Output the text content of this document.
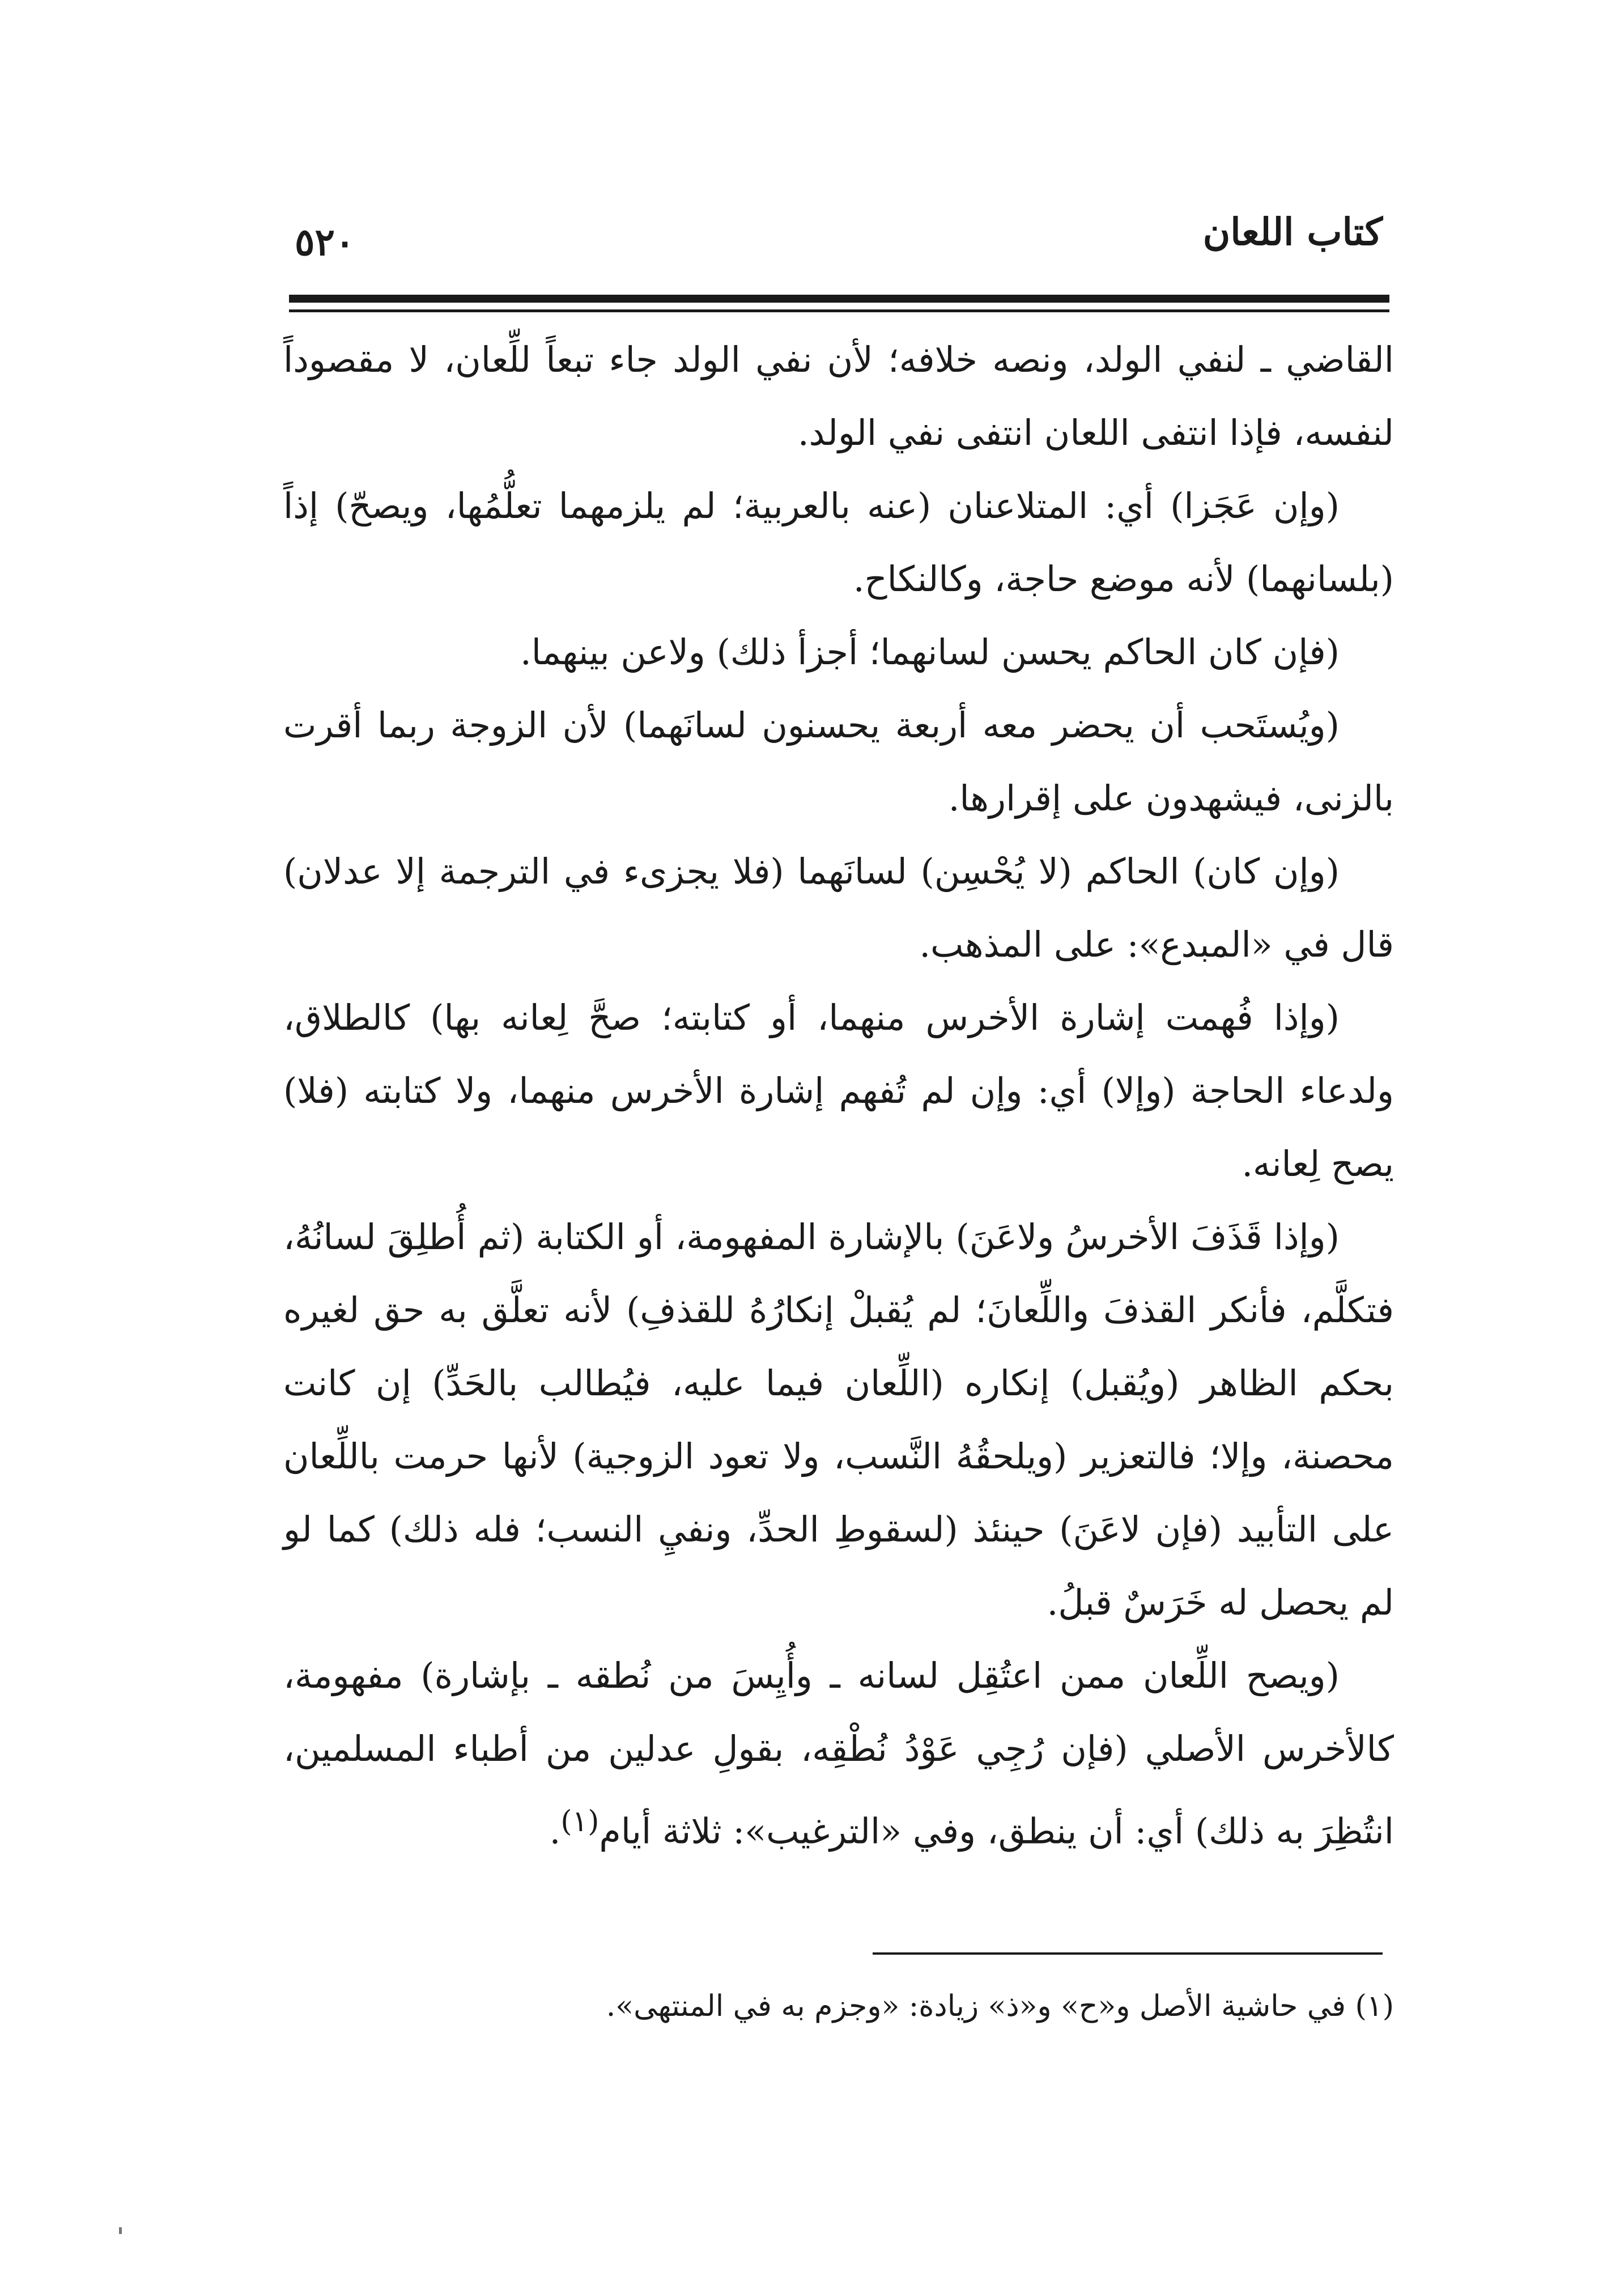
كتاب اللعان
٥٢٠

القاضي ـ لنفي الولد، ونصه خلافه؛ لأن نفي الولد جاء تبعاً للِّعان، لا مقصوداً لنفسه، فإذا انتفى اللعان انتفى نفي الولد.

(وإن عَجَزا) أي: المتلاعنان (عنه بالعربية؛ لم يلزمهما تعلُّمُها، ويصحّ) إذاً (بلسانهما) لأنه موضع حاجة، وكالنكاح.

(فإن كان الحاكم يحسن لسانهما؛ أجزأ ذلك) ولاعن بينهما.

(ويُستَحب أن يحضر معه أربعة يحسنون لسانَهما) لأن الزوجة ربما أقرت بالزنى، فيشهدون على إقرارها.

(وإن كان) الحاكم (لا يُحْسِن) لسانَهما (فلا يجزىء في الترجمة إلا عدلان) قال في «المبدع»: على المذهب.

(وإذا فُهمت إشارة الأخرس منهما، أو كتابته؛ صحَّ لِعانه بها) كالطلاق، ولدعاء الحاجة (وإلا) أي: وإن لم تُفهم إشارة الأخرس منهما، ولا كتابته (فلا) يصح لِعانه.

(وإذا قَذَفَ الأخرسُ ولاعَنَ) بالإشارة المفهومة، أو الكتابة (ثم أُطلِقَ لسانُهُ، فتكلَّم، فأنكر القذفَ واللِّعانَ؛ لم يُقبلْ إنكارُهُ للقذفِ) لأنه تعلَّق به حق لغيره بحكم الظاهر (ويُقبل) إنكاره (اللِّعان فيما عليه، فيُطالب بالحَدِّ) إن كانت محصنة، وإلا؛ فالتعزير (ويلحقُهُ النَّسب، ولا تعود الزوجية) لأنها حرمت باللِّعان على التأبيد (فإن لاعَنَ) حينئذ (لسقوطِ الحدِّ، ونفيِ النسب؛ فله ذلك) كما لو لم يحصل له خَرَسٌ قبلُ.

(ويصح اللِّعان ممن اعتُقِل لسانه ـ وأُيِسَ من نُطقه ـ بإشارة) مفهومة، كالأخرس الأصلي (فإن رُجِي عَوْدُ نُطْقِه، بقولِ عدلين من أطباء المسلمين، انتُظِرَ به ذلك) أي: أن ينطق، وفي «الترغيب»: ثلاثة أيام$^{(١)}$.

(١) في حاشية الأصل و«ح» و«ذ» زيادة: «وجزم به في المنتهى».
